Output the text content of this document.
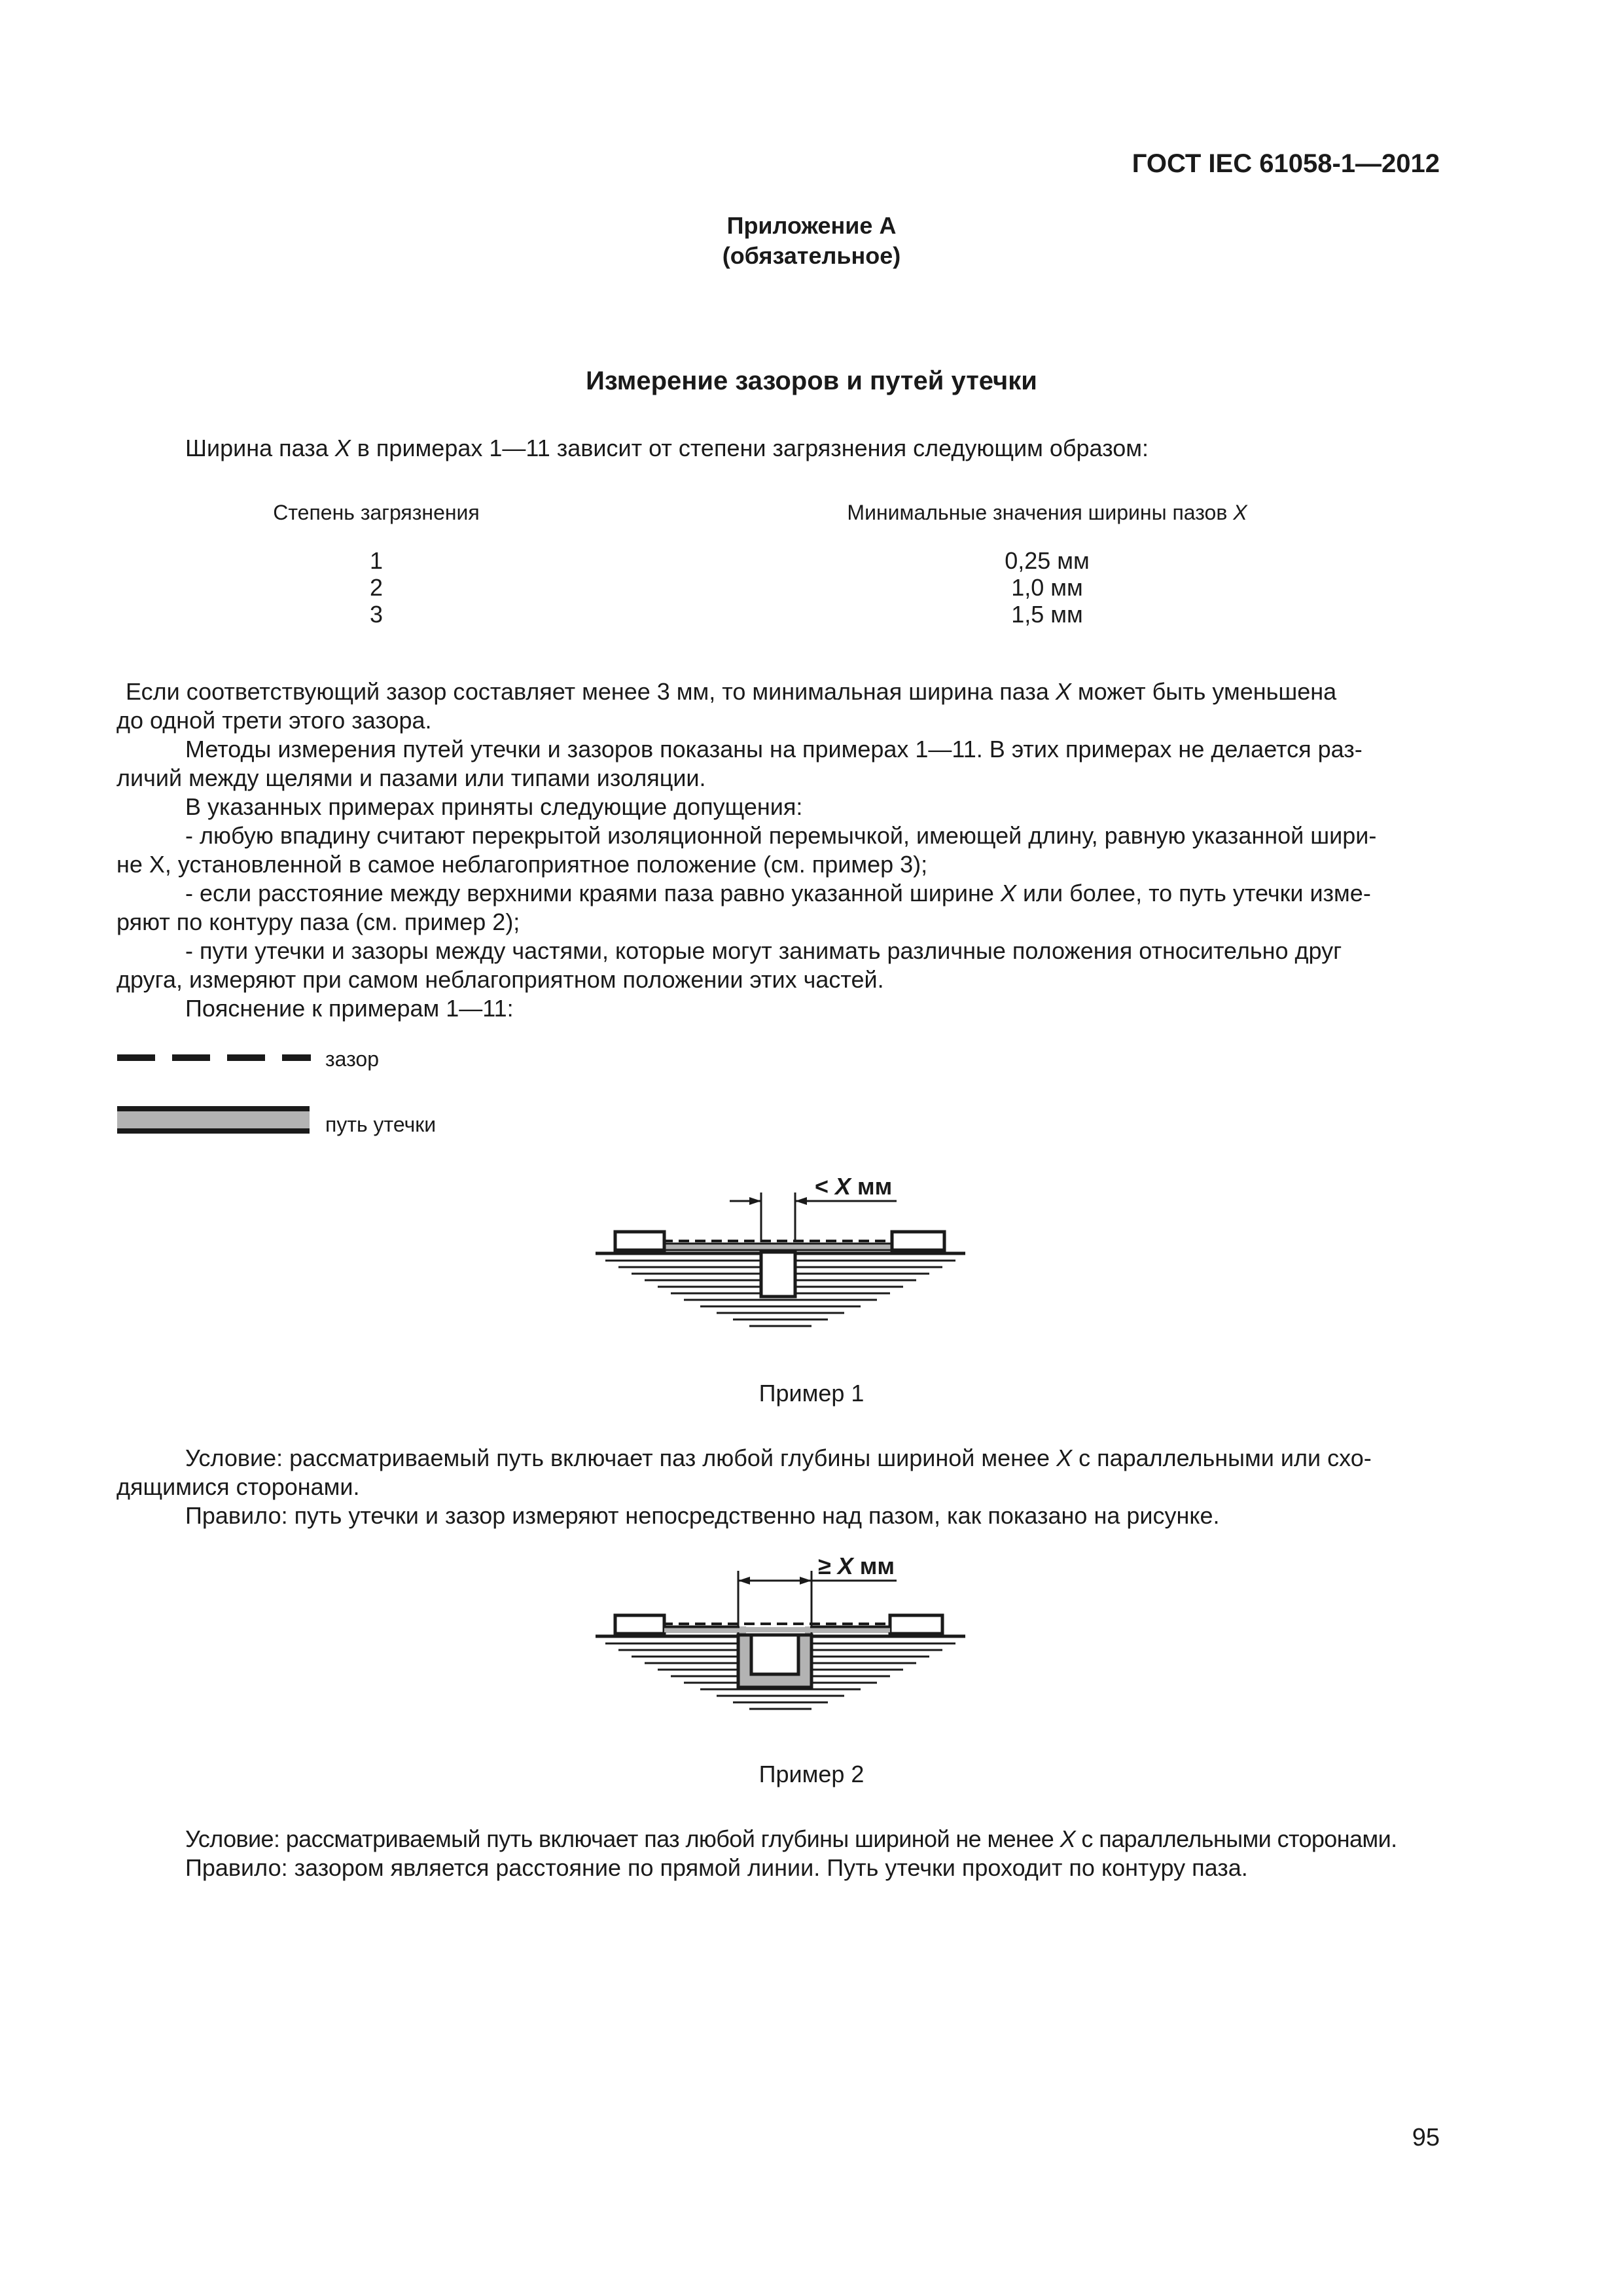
ГОСТ IEC 61058-1—2012
Приложение А
(обязательное)
Измерение зазоров и путей утечки
Ширина паза X в примерах 1—11 зависит от степени загрязнения следующим образом:
Степень загрязнения	Минимальные значения ширины пазов X
1	0,25 мм
2	1,0 мм
3	1,5 мм
Если соответствующий зазор составляет менее 3 мм, то минимальная ширина паза X может быть уменьшена
до одной трети этого зазора.
Методы измерения путей утечки и зазоров показаны на примерах 1—11. В этих примерах не делается раз-
личий между щелями и пазами или типами изоляции.
В указанных примерах приняты следующие допущения:
- любую впадину считают перекрытой изоляционной перемычкой, имеющей длину, равную указанной шири-
не X, установленной в самое неблагоприятное положение (см. пример 3);
- если расстояние между верхними краями паза равно указанной ширине X или более, то путь утечки изме-
ряют по контуру паза (см. пример 2);
- пути утечки и зазоры между частями, которые могут занимать различные положения относительно друг
друга, измеряют при самом неблагоприятном положении этих частей.
Пояснение к примерам 1—11:
зазор
путь утечки
< X мм
Пример 1
Условие: рассматриваемый путь включает паз любой глубины шириной менее X с параллельными или схо-
дящимися сторонами.
Правило: путь утечки и зазор измеряют непосредственно над пазом, как показано на рисунке.
≥ X мм
Пример 2
Условие: рассматриваемый путь включает паз любой глубины шириной не менее X с параллельными сторонами.
Правило: зазором является расстояние по прямой линии. Путь утечки проходит по контуру паза.
95
